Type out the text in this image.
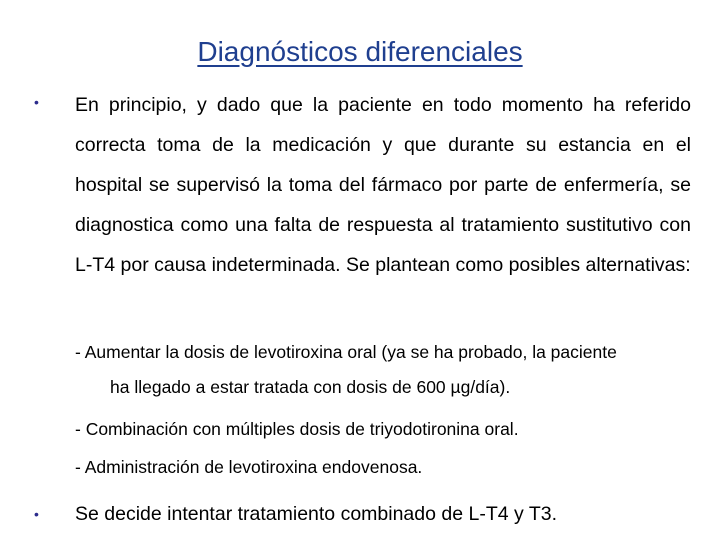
Diagnósticos diferenciales
• En principio, y dado que la paciente en todo momento ha referido correcta toma de la medicación y que durante su estancia en el hospital se supervisó la toma del fármaco por parte de enfermería, se diagnostica como una falta de respuesta al tratamiento sustitutivo con L-T4 por causa indeterminada. Se plantean como posibles alternativas:
- Aumentar la dosis de levotiroxina oral (ya se ha probado, la paciente
ha llegado a estar tratada con dosis de 600 µg/día).
- Combinación con múltiples dosis de triyodotironina oral.
- Administración de levotiroxina endovenosa.
• Se decide intentar tratamiento combinado de L-T4 y T3.
